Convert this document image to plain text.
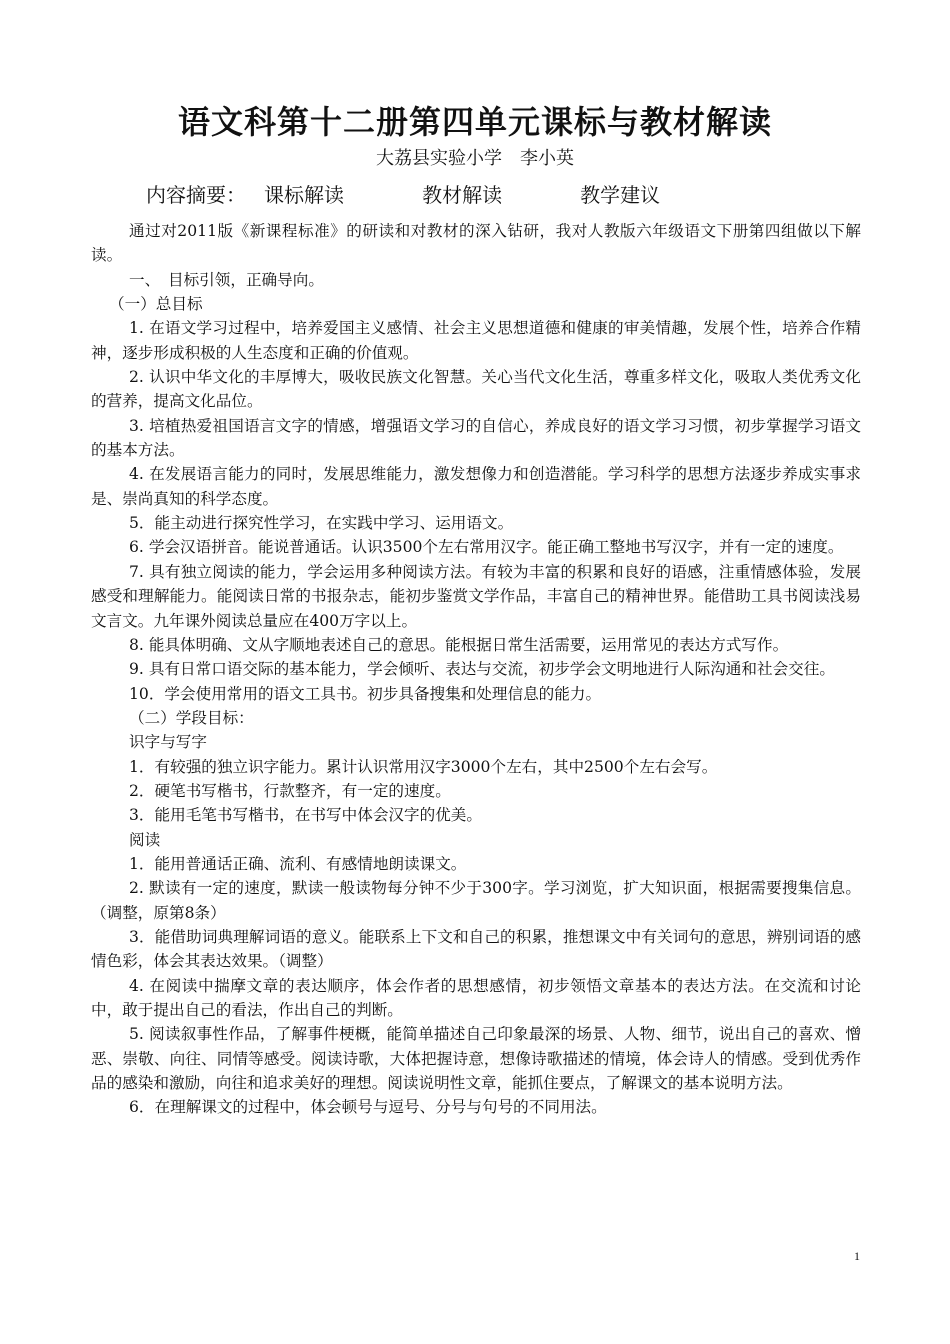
语文科第十二册第四单元课标与教材解读
大荔县实验小学　李小英
内容摘要： 课标解读	教材解读	教学建议

通过对2011版《新课程标准》的研读和对教材的深入钻研，我对人教版六年级语文下册第四组做以下解读。

一、　目标引领，正确导向。

（一）总目标

1. 在语文学习过程中，培养爱国主义感情、社会主义思想道德和健康的审美情趣，发展个性，培养合作精神，逐步形成积极的人生态度和正确的价值观。

2. 认识中华文化的丰厚博大，吸收民族文化智慧。关心当代文化生活，尊重多样文化，吸取人类优秀文化的营养，提高文化品位。

3. 培植热爱祖国语言文字的情感，增强语文学习的自信心，养成良好的语文学习习惯，初步掌握学习语文的基本方法。

4. 在发展语言能力的同时，发展思维能力，激发想像力和创造潜能。学习科学的思想方法逐步养成实事求是、崇尚真知的科学态度。

5．能主动进行探究性学习，在实践中学习、运用语文。

6. 学会汉语拼音。能说普通话。认识3500个左右常用汉字。能正确工整地书写汉字，并有一定的速度。

7. 具有独立阅读的能力，学会运用多种阅读方法。有较为丰富的积累和良好的语感，注重情感体验，发展感受和理解能力。能阅读日常的书报杂志，能初步鉴赏文学作品，丰富自己的精神世界。能借助工具书阅读浅易文言文。九年课外阅读总量应在400万字以上。

8. 能具体明确、文从字顺地表述自己的意思。能根据日常生活需要，运用常见的表达方式写作。

9. 具有日常口语交际的基本能力，学会倾听、表达与交流，初步学会文明地进行人际沟通和社会交往。

10．学会使用常用的语文工具书。初步具备搜集和处理信息的能力。

（二）学段目标：

识字与写字

1．有较强的独立识字能力。累计认识常用汉字3000个左右，其中2500个左右会写。

2．硬笔书写楷书，行款整齐，有一定的速度。

3．能用毛笔书写楷书，在书写中体会汉字的优美。

阅读

1．能用普通话正确、流利、有感情地朗读课文。

2. 默读有一定的速度，默读一般读物每分钟不少于300字。学习浏览，扩大知识面，根据需要搜集信息。（调整，原第8条）

3．能借助词典理解词语的意义。能联系上下文和自己的积累，推想课文中有关词句的意思，辨别词语的感情色彩，体会其表达效果。（调整）

4. 在阅读中揣摩文章的表达顺序，体会作者的思想感情，初步领悟文章基本的表达方法。在交流和讨论中，敢于提出自己的看法，作出自己的判断。

5. 阅读叙事性作品，了解事件梗概，能简单描述自己印象最深的场景、人物、细节，说出自己的喜欢、憎恶、崇敬、向往、同情等感受。阅读诗歌，大体把握诗意，想像诗歌描述的情境，体会诗人的情感。受到优秀作品的感染和激励，向往和追求美好的理想。阅读说明性文章，能抓住要点，了解课文的基本说明方法。

6．在理解课文的过程中，体会顿号与逗号、分号与句号的不同用法。

1
